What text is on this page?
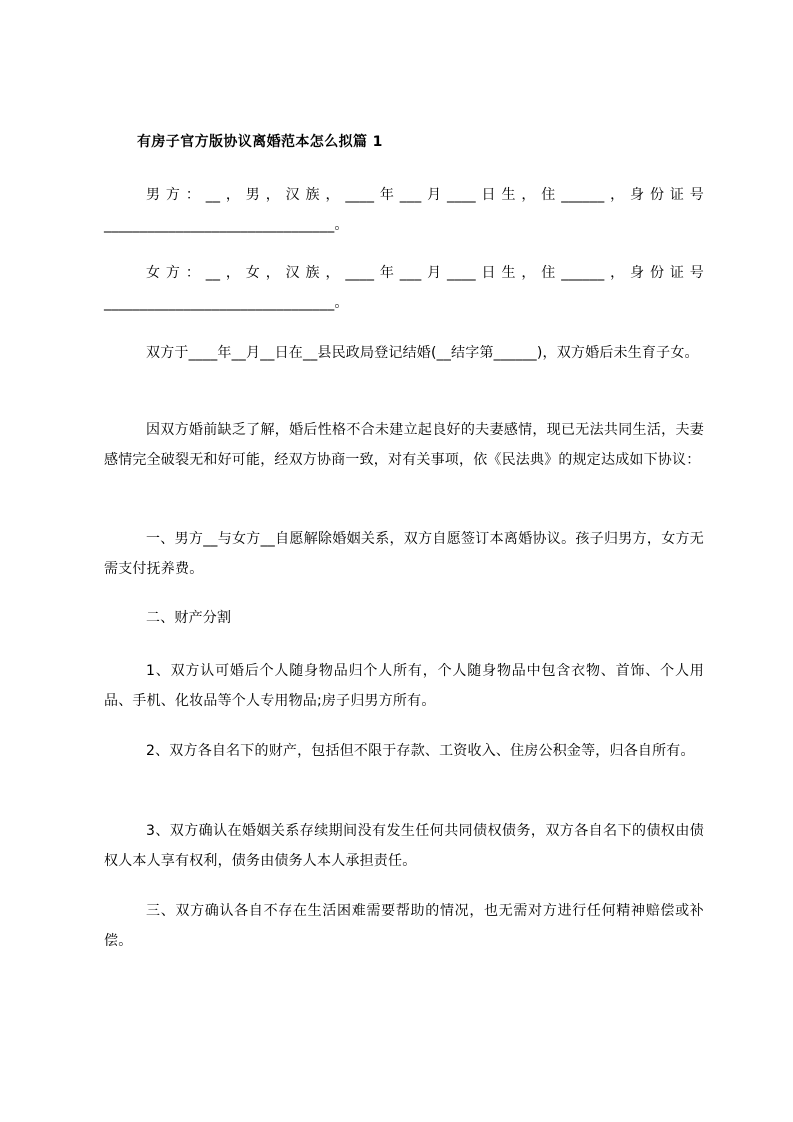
有房子官方版协议离婚范本怎么拟篇 1

男方：__，男，汉族，____年___月____日生，住______，身份证号________________________________。

女方：__，女，汉族，____年___月____日生，住______，身份证号________________________________。

双方于____年__月__日在__县民政局登记结婚(__结字第______)，双方婚后未生育子女。

因双方婚前缺乏了解，婚后性格不合未建立起良好的夫妻感情，现已无法共同生活，夫妻感情完全破裂无和好可能，经双方协商一致，对有关事项，依《民法典》的规定达成如下协议：

一、男方__与女方__自愿解除婚姻关系，双方自愿签订本离婚协议。孩子归男方，女方无需支付抚养费。

二、财产分割

1、双方认可婚后个人随身物品归个人所有，个人随身物品中包含衣物、首饰、个人用品、手机、化妆品等个人专用物品;房子归男方所有。

2、双方各自名下的财产，包括但不限于存款、工资收入、住房公积金等，归各自所有。

3、双方确认在婚姻关系存续期间没有发生任何共同债权债务，双方各自名下的债权由债权人本人享有权利，债务由债务人本人承担责任。

三、双方确认各自不存在生活困难需要帮助的情况，也无需对方进行任何精神赔偿或补偿。
